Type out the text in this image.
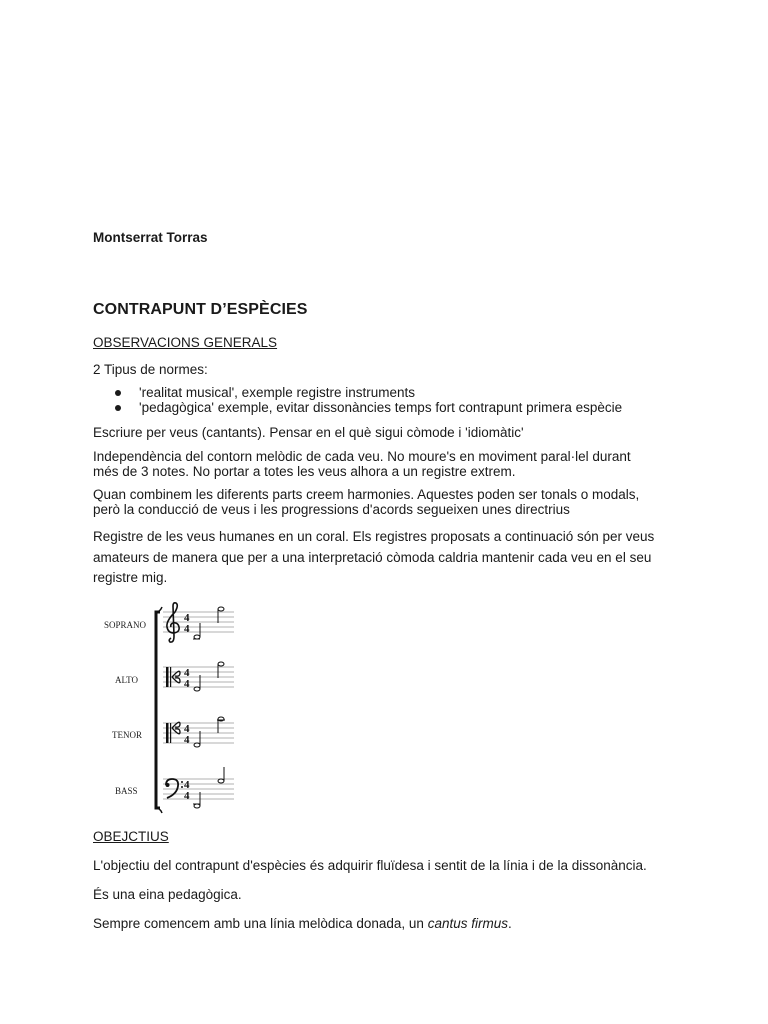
Montserrat Torras
CONTRAPUNT D’ESPÈCIES
OBSERVACIONS GENERALS
2 Tipus de normes:
'realitat musical', exemple registre instruments
'pedagògica' exemple, evitar dissonàncies temps fort contrapunt primera espècie
Escriure per veus (cantants). Pensar en el què sigui còmode i 'idiomàtic'
Independència del contorn melòdic de cada veu. No moure's en moviment paral·lel durant
més de 3 notes. No portar a totes les veus alhora a un registre extrem.
Quan combinem les diferents parts creem harmonies. Aquestes poden ser tonals o modals,
però la conducció de veus i les progressions d'acords segueixen unes directrius
Registre de les veus humanes en un coral. Els registres proposats a continuació són per veus
amateurs de manera que per a una interpretació còmoda caldria mantenir cada veu en el seu
registre mig.
SOPRANO
ALTO
TENOR
BASS
4
4
4
4
4
4
4
4
OBEJCTIUS
L'objectiu del contrapunt d'espècies és adquirir fluïdesa i sentit de la línia i de la dissonància.
És una eina pedagògica.
Sempre comencem amb una línia melòdica donada, un cantus firmus.
